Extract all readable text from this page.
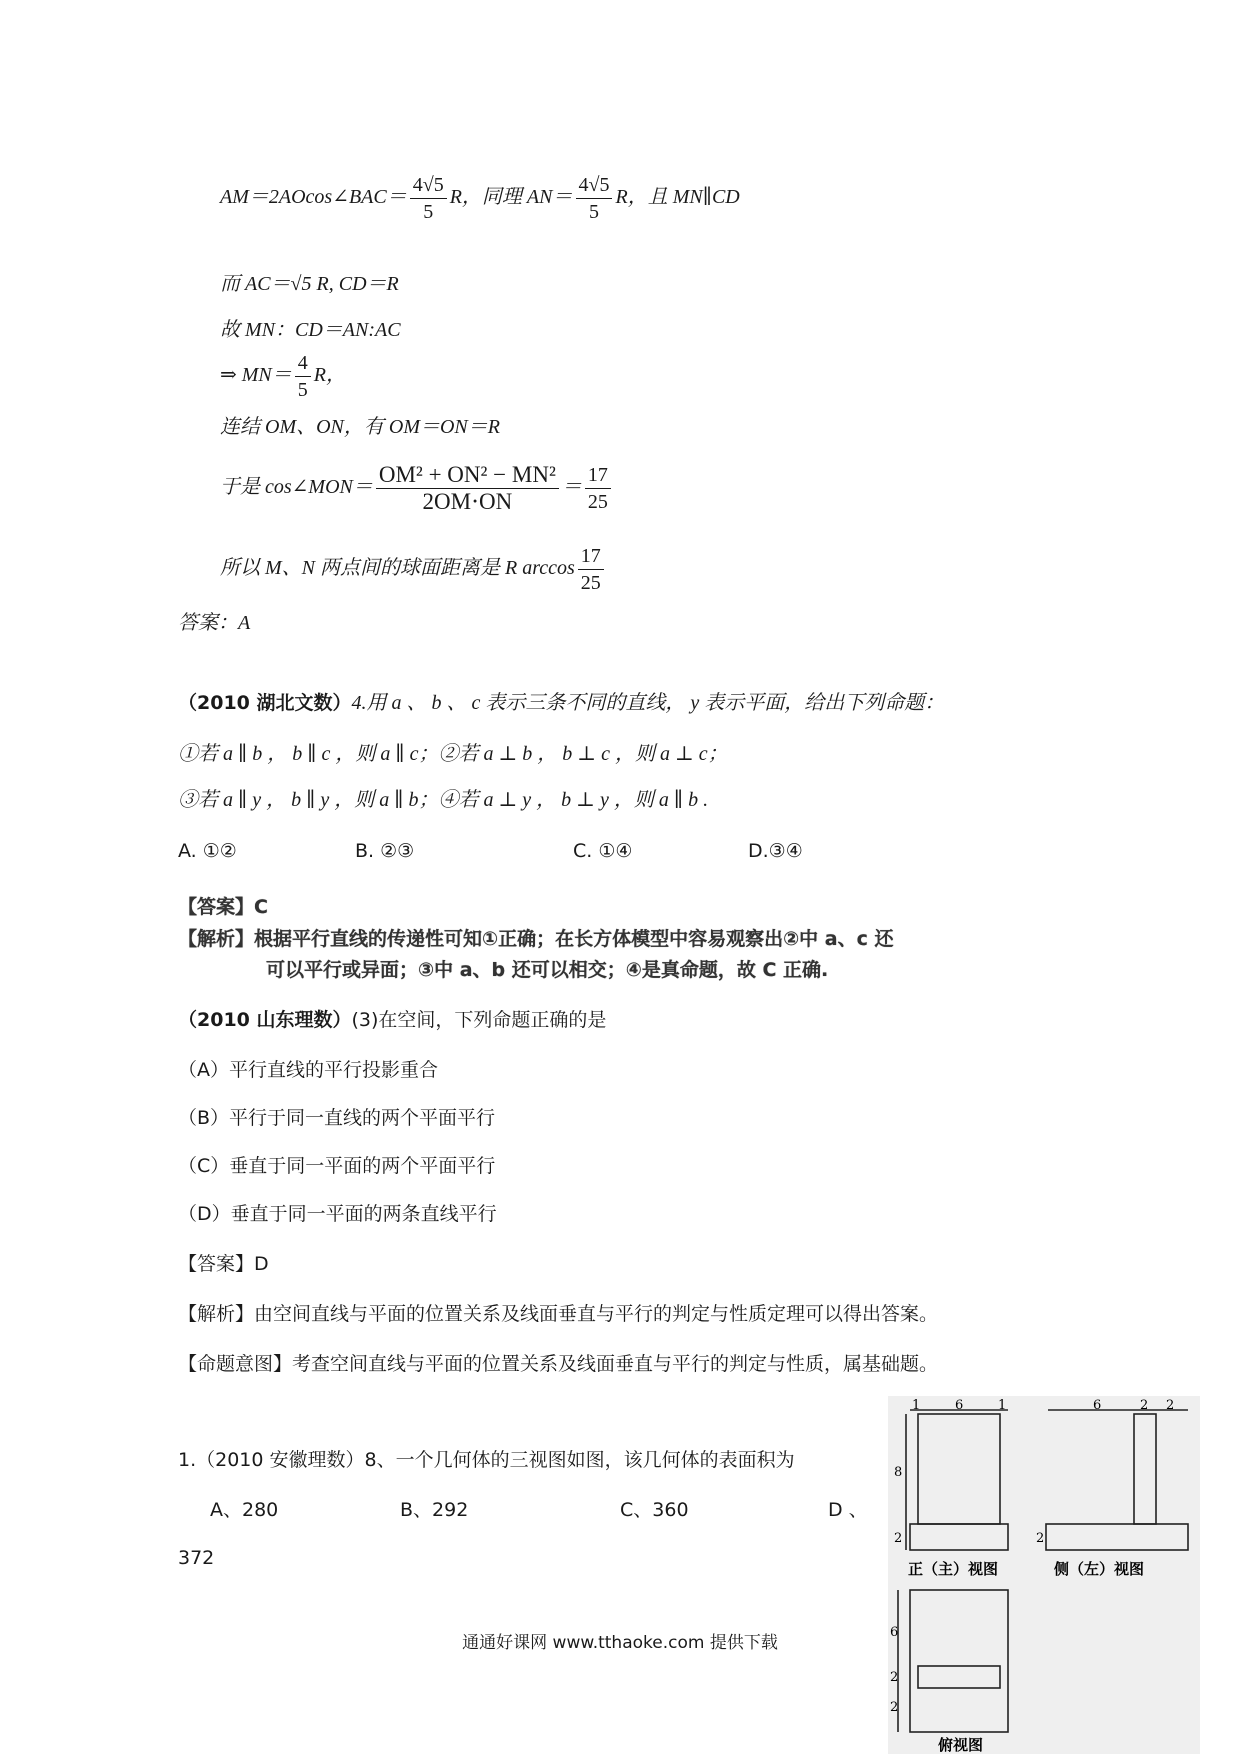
AM＝2AOcos∠BAC＝ $\frac{4√5}{5}$ R，同理 $AN= \frac{4√5}{5}$ R，且 MN∥CD
而 AC＝√5 R, CD＝R
故 MN：CD＝AN:AC
⇒ $MN= \frac{4}{5}$ R，
连结 OM、ON，有 OM＝ON＝R
于是 cos∠MON＝ $\frac{\text{OM² + ON² − MN²}}{2OM\cdot ON} = \frac{17}{25}$
所以 M、N 两点间的球面距离是 R $\arccos \frac{17}{25}$
答案：A
（2010 湖北文数）4.用 a 、 b 、 c 表示三条不同的直线， y 表示平面，给出下列命题：
①若 a ∥ b ， b ∥ c ，则 a ∥ c；②若 a ⊥ b ， b ⊥ c ，则 a ⊥ c；
③若 a ∥ y ， b ∥ y ，则 a ∥ b；④若 a ⊥ y ， b ⊥ y ，则 a ∥ b .
A. ①②	B. ②③	C. ①④	D.③④
【答案】C
【解析】根据平行直线的传递性可知①正确；在长方体模型中容易观察出②中 a、c 还
可以平行或异面；③中 a、b 还可以相交；④是真命题，故 C 正确.
（2010 山东理数）(3)在空间，下列命题正确的是
（A）平行直线的平行投影重合
（B）平行于同一直线的两个平面平行
（C）垂直于同一平面的两个平面平行
（D）垂直于同一平面的两条直线平行
【答案】D
【解析】由空间直线与平面的位置关系及线面垂直与平行的判定与性质定理可以得出答案。
【命题意图】考查空间直线与平面的位置关系及线面垂直与平行的判定与性质，属基础题。
1.（2010 安徽理数）8、一个几何体的三视图如图，该几何体的表面积为
A、280	B、292	C、360	D 、
372
1	6	1
8
2
正（主）视图
6	2 2
2
侧（左）视图
6
2
2
俯视图
通通好课网 www.tthaoke.com 提供下载
